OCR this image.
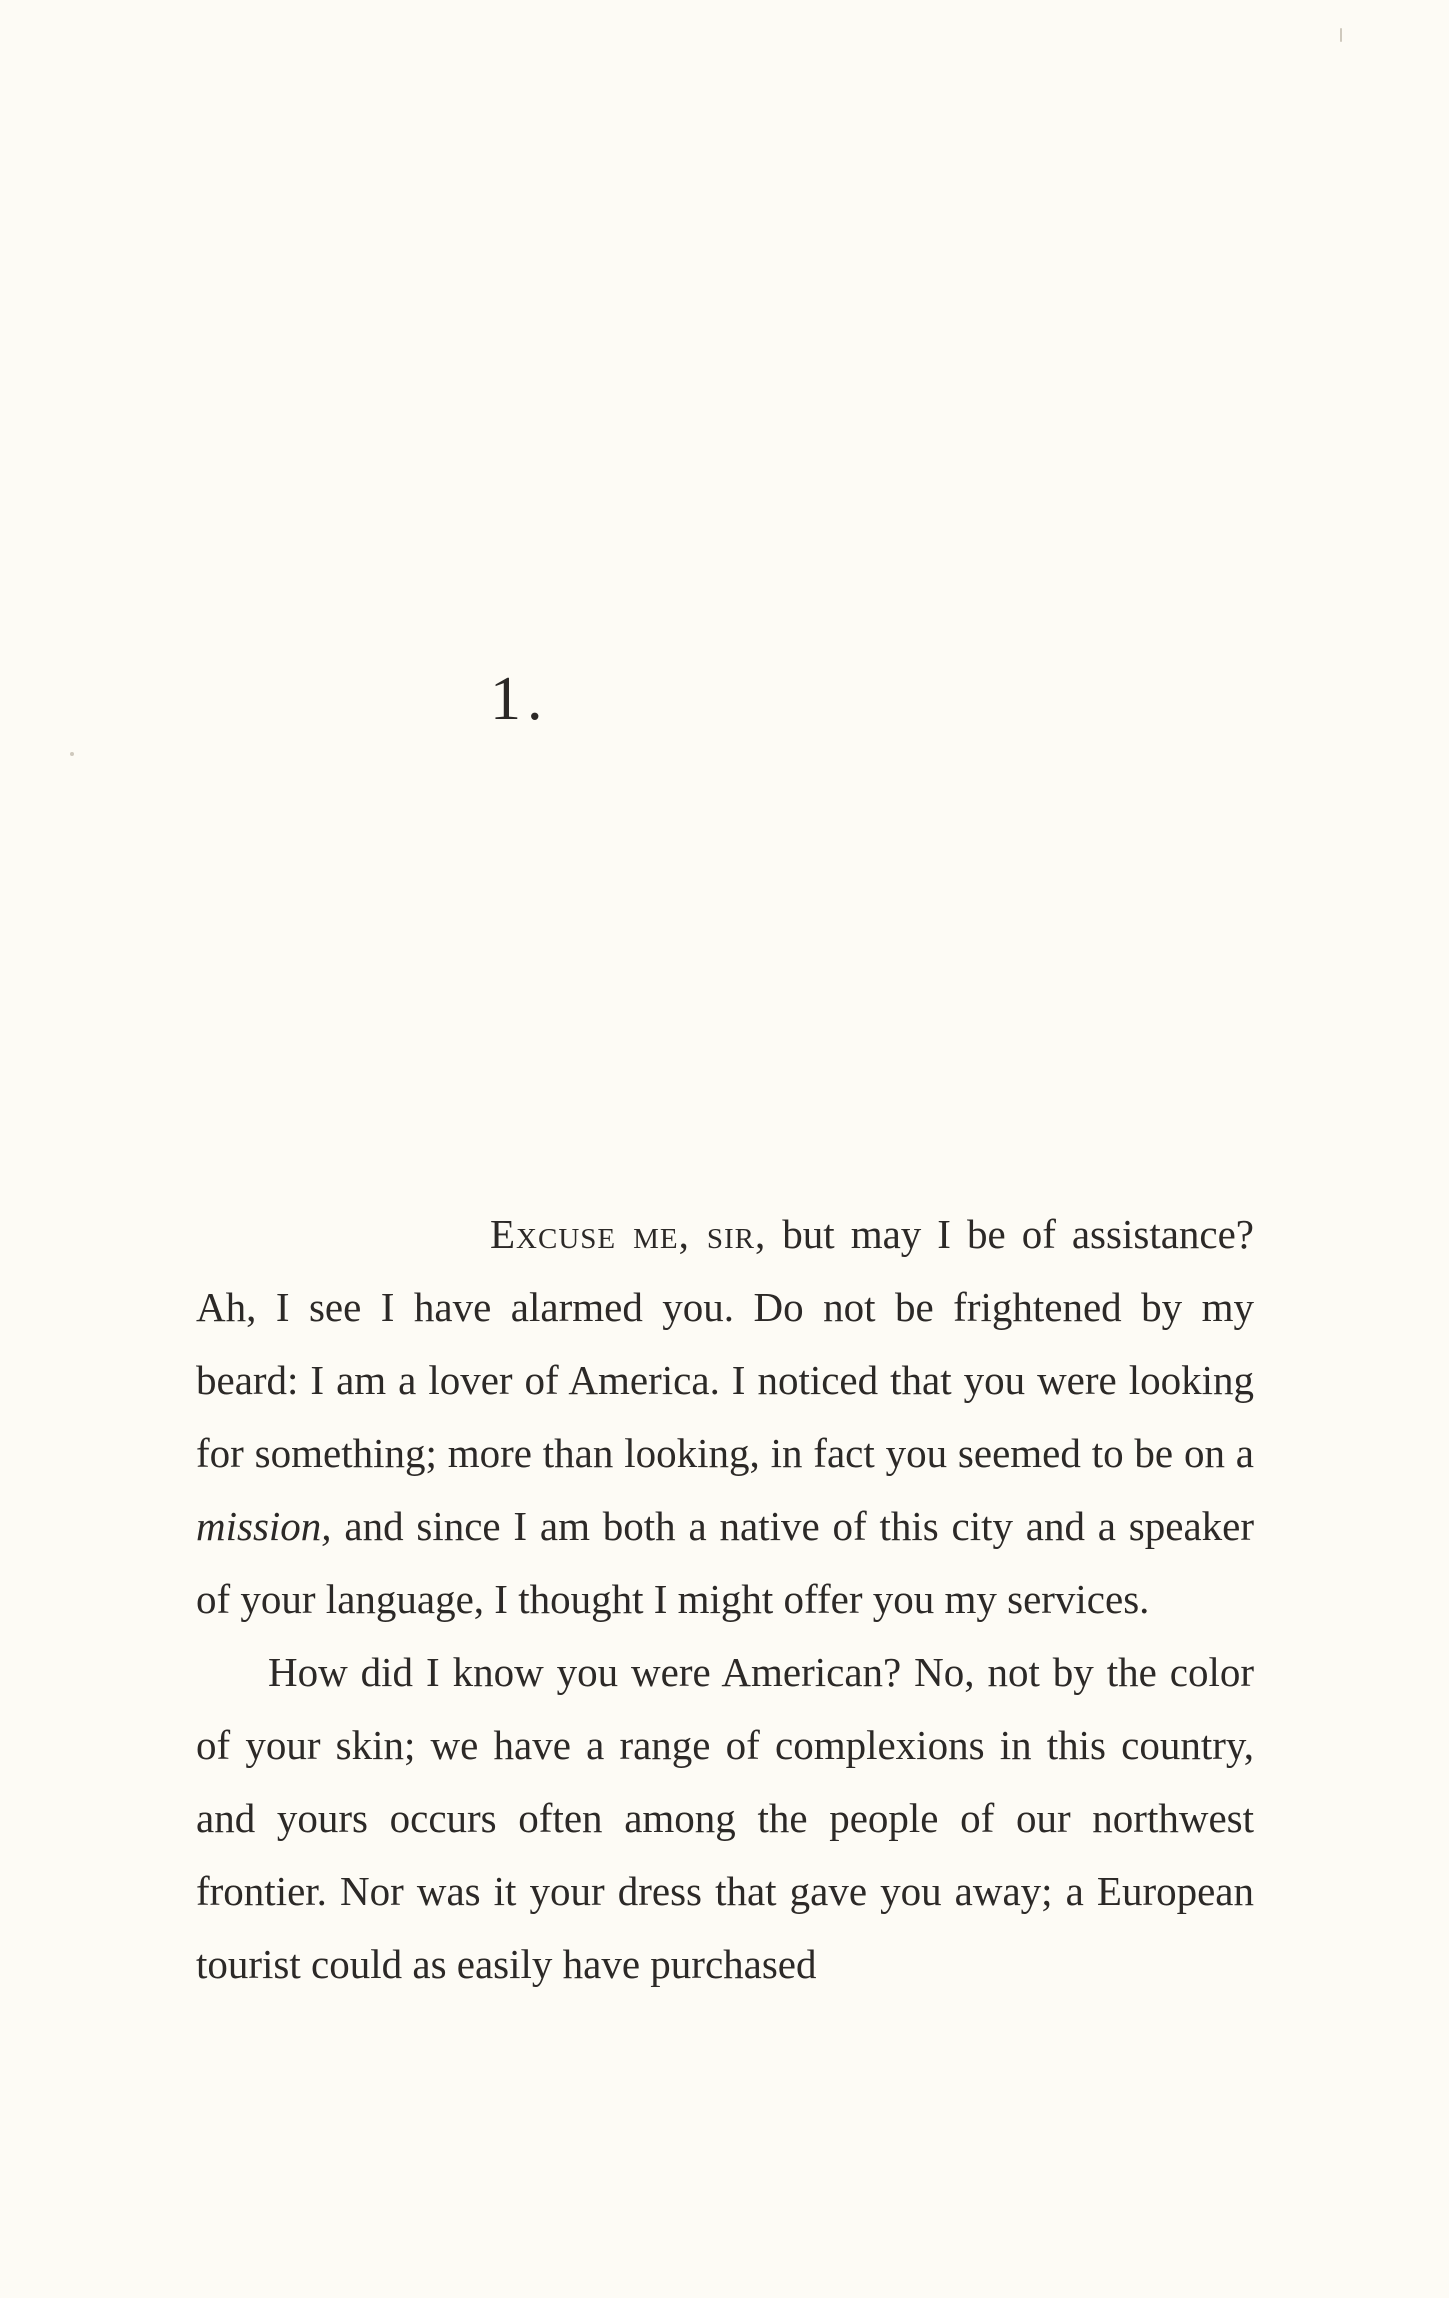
1.

Excuse me, sir, but may I be of assistance? Ah, I see I have alarmed you. Do not be frightened by my beard: I am a lover of America. I noticed that you were looking for something; more than looking, in fact you seemed to be on a mission, and since I am both a native of this city and a speaker of your language, I thought I might offer you my services.

How did I know you were American? No, not by the color of your skin; we have a range of complexions in this country, and yours occurs often among the people of our northwest frontier. Nor was it your dress that gave you away; a European tourist could as easily have purchased
